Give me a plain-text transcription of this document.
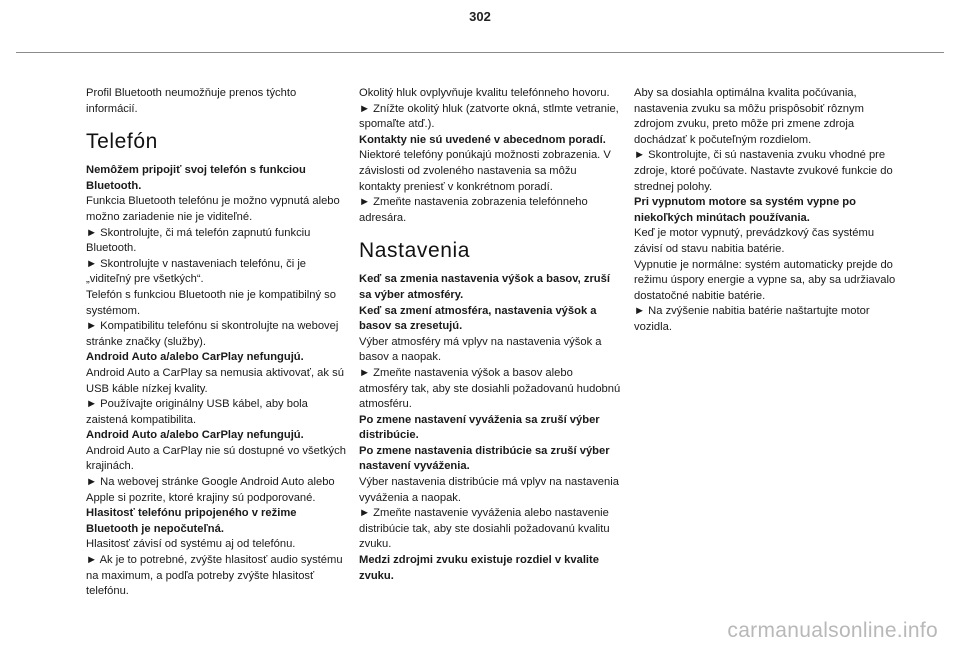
302

Profil Bluetooth neumožňuje prenos týchto informácií.

Telefón

Nemôžem pripojiť svoj telefón s funkciou Bluetooth.

Funkcia Bluetooth telefónu je možno vypnutá alebo možno zariadenie nie je viditeľné.

► Skontrolujte, či má telefón zapnutú funkciu Bluetooth.

► Skontrolujte v nastaveniach telefónu, či je „viditeľný pre všetkých“.

Telefón s funkciou Bluetooth nie je kompatibilný so systémom.

► Kompatibilitu telefónu si skontrolujte na webovej stránke značky (služby).

Android Auto a/alebo CarPlay nefungujú.

Android Auto a CarPlay sa nemusia aktivovať, ak sú USB káble nízkej kvality.

► Používajte originálny USB kábel, aby bola zaistená kompatibilita.

Android Auto a/alebo CarPlay nefungujú.

Android Auto a CarPlay nie sú dostupné vo všetkých krajinách.

► Na webovej stránke Google Android Auto alebo Apple si pozrite, ktoré krajiny sú podporované.

Hlasitosť telefónu pripojeného v režime Bluetooth je nepočuteľná.

Hlasitosť závisí od systému aj od telefónu.

► Ak je to potrebné, zvýšte hlasitosť audio systému na maximum, a podľa potreby zvýšte hlasitosť telefónu.

Okolitý hluk ovplyvňuje kvalitu telefónneho hovoru.

► Znížte okolitý hluk (zatvorte okná, stlmte vetranie, spomaľte atď.).

Kontakty nie sú uvedené v abecednom poradí.

Niektoré telefóny ponúkajú možnosti zobrazenia. V závislosti od zvoleného nastavenia sa môžu kontakty preniesť v konkrétnom poradí.

► Zmeňte nastavenia zobrazenia telefónneho adresára.

Nastavenia

Keď sa zmenia nastavenia výšok a basov, zruší sa výber atmosféry.

Keď sa zmení atmosféra, nastavenia výšok a basov sa zresetujú.

Výber atmosféry má vplyv na nastavenia výšok a basov a naopak.

► Zmeňte nastavenia výšok a basov alebo atmosféry tak, aby ste dosiahli požadovanú hudobnú atmosféru.

Po zmene nastavení vyváženia sa zruší výber distribúcie.

Po zmene nastavenia distribúcie sa zruší výber nastavení vyváženia.

Výber nastavenia distribúcie má vplyv na nastavenia vyváženia a naopak.

► Zmeňte nastavenie vyváženia alebo nastavenie distribúcie tak, aby ste dosiahli požadovanú kvalitu zvuku.

Medzi zdrojmi zvuku existuje rozdiel v kvalite zvuku.

Aby sa dosiahla optimálna kvalita počúvania, nastavenia zvuku sa môžu prispôsobiť rôznym zdrojom zvuku, preto môže pri zmene zdroja dochádzať k počuteľným rozdielom.

► Skontrolujte, či sú nastavenia zvuku vhodné pre zdroje, ktoré počúvate. Nastavte zvukové funkcie do strednej polohy.

Pri vypnutom motore sa systém vypne po niekoľkých minútach používania.

Keď je motor vypnutý, prevádzkový čas systému závisí od stavu nabitia batérie.

Vypnutie je normálne: systém automaticky prejde do režimu úspory energie a vypne sa, aby sa udržiavalo dostatočné nabitie batérie.

► Na zvýšenie nabitia batérie naštartujte motor vozidla.

carmanualsonline.info
